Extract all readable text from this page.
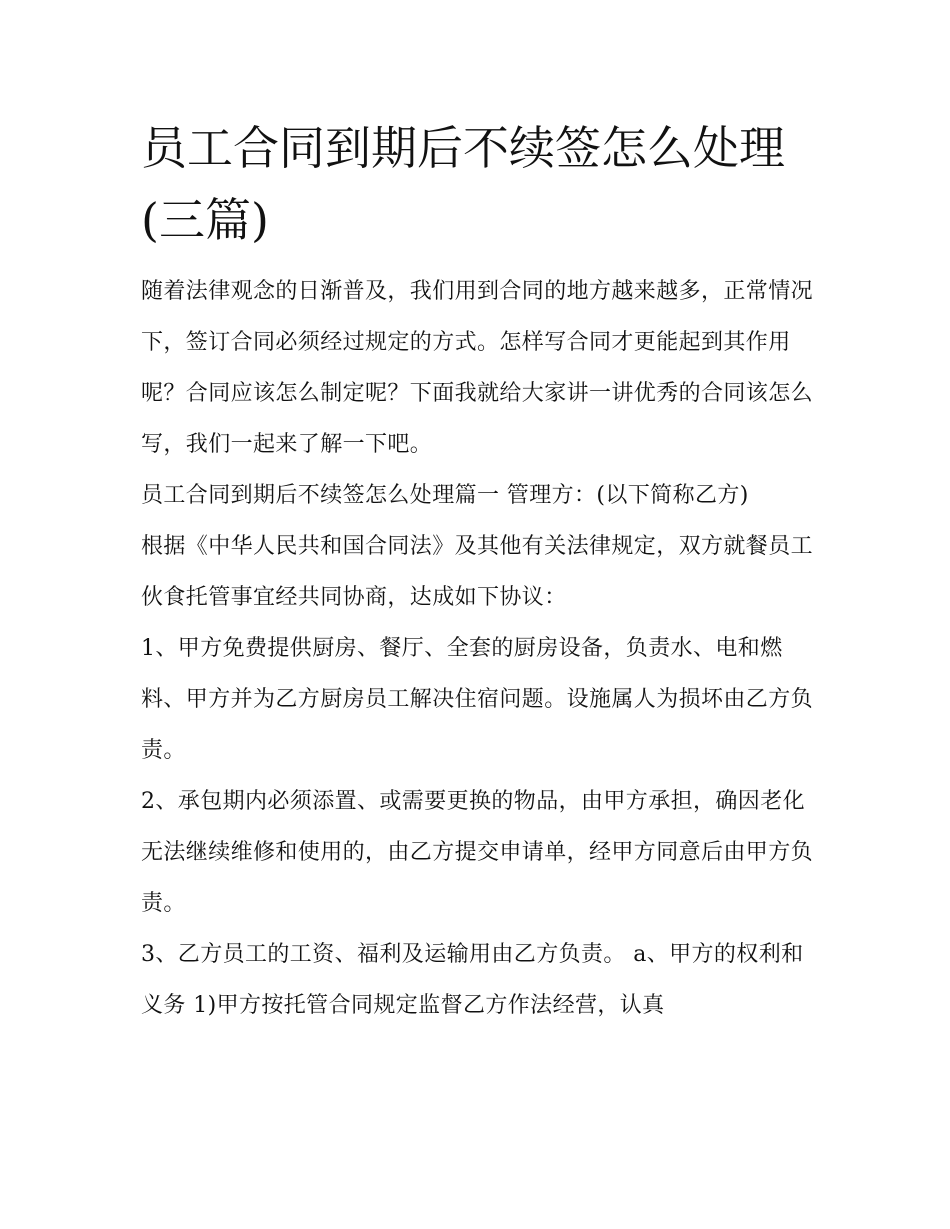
员工合同到期后不续签怎么处理(三篇)

随着法律观念的日渐普及，我们用到合同的地方越来越多，正常情况下，签订合同必须经过规定的方式。怎样写合同才更能起到其作用呢？合同应该怎么制定呢？下面我就给大家讲一讲优秀的合同该怎么写，我们一起来了解一下吧。

员工合同到期后不续签怎么处理篇一 管理方：(以下简称乙方)

根据《中华人民共和国合同法》及其他有关法律规定，双方就餐员工伙食托管事宜经共同协商，达成如下协议：

1、甲方免费提供厨房、餐厅、全套的厨房设备，负责水、电和燃料、甲方并为乙方厨房员工解决住宿问题。设施属人为损坏由乙方负责。

2、承包期内必须添置、或需要更换的物品，由甲方承担，确因老化无法继续维修和使用的，由乙方提交申请单，经甲方同意后由甲方负责。

3、乙方员工的工资、福利及运输用由乙方负责。 a、甲方的权利和义务 1)甲方按托管合同规定监督乙方作法经营，认真
